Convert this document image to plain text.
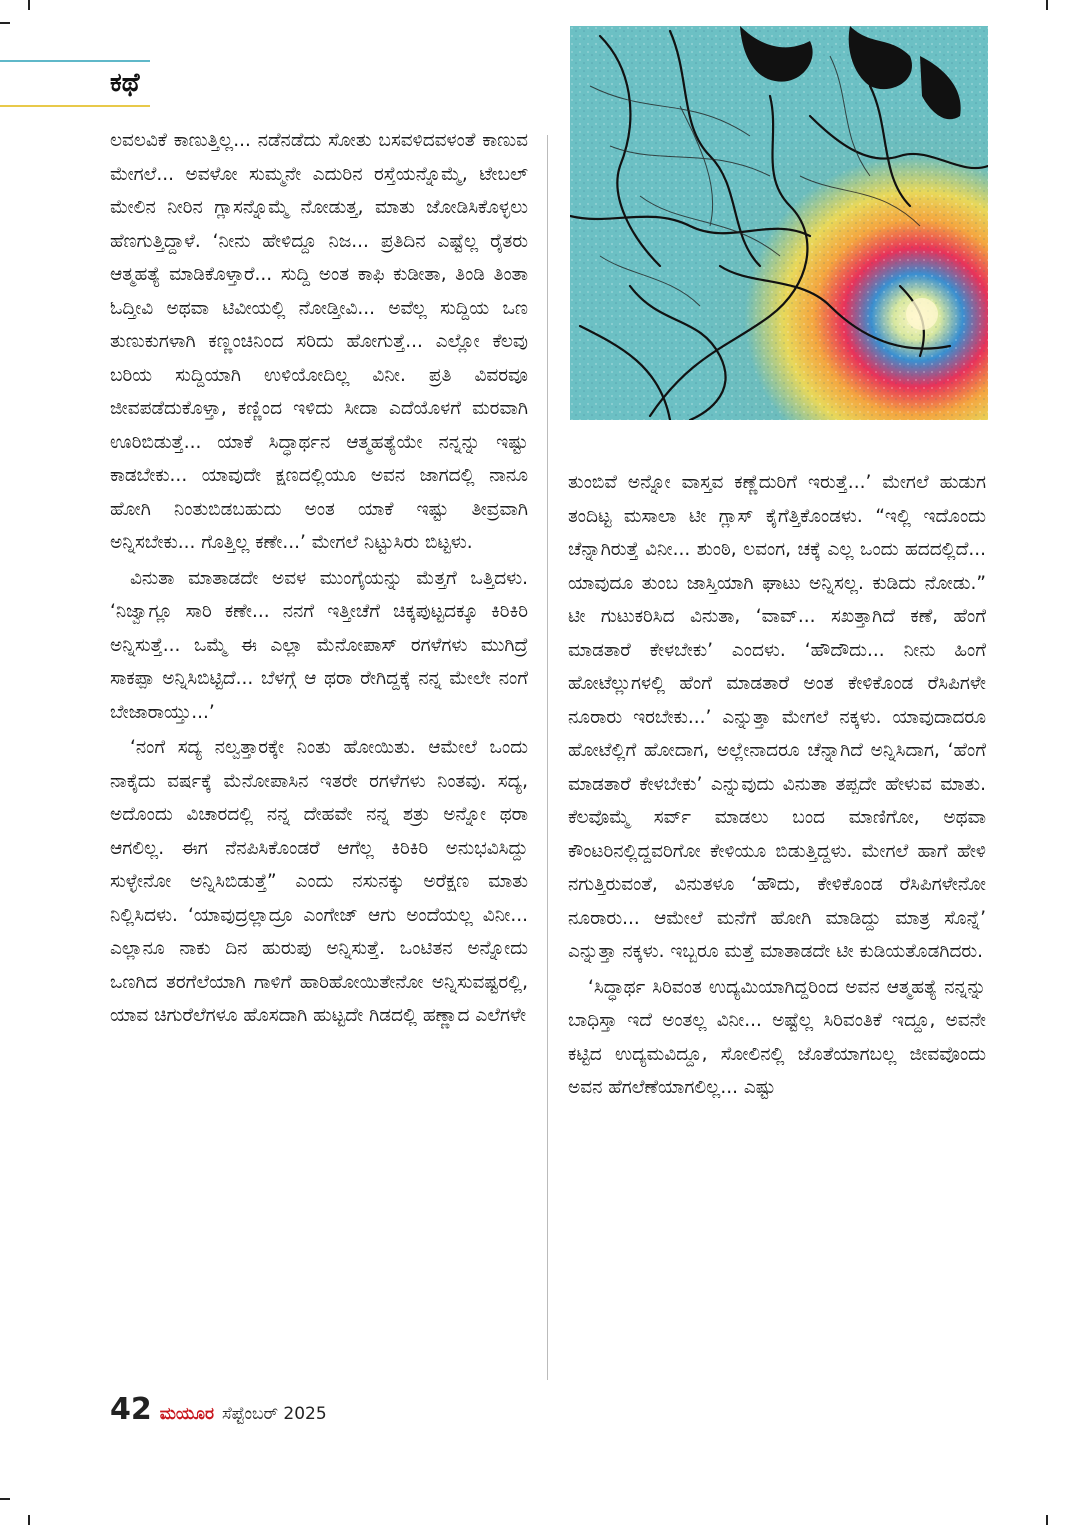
ಕಥೆ

ಲವಲವಿಕೆ ಕಾಣುತ್ತಿಲ್ಲ... ನಡೆನಡೆದು ಸೋತು ಬಸವಳಿದವಳಂತೆ ಕಾಣುವ ಮೇಗಲೆ... ಅವಳೋ ಸುಮ್ಮನೇ ಎದುರಿನ ರಸ್ತೆಯನ್ನೊಮ್ಮೆ, ಟೇಬಲ್ ಮೇಲಿನ ನೀರಿನ ಗ್ಲಾಸನ್ನೊಮ್ಮೆ ನೋಡುತ್ತ, ಮಾತು ಜೋಡಿಸಿಕೊಳ್ಳಲು ಹೆಣಗುತ್ತಿದ್ದಾಳೆ. ‘ನೀನು ಹೇಳಿದ್ದೂ ನಿಜ... ಪ್ರತಿದಿನ ಎಷ್ಟೆಲ್ಲ ರೈತರು ಆತ್ಮಹತ್ಯೆ ಮಾಡಿಕೊಳ್ತಾರೆ... ಸುದ್ದಿ ಅಂತ ಕಾಫಿ ಕುಡೀತಾ, ತಿಂಡಿ ತಿಂತಾ ಓದ್ತೀವಿ ಅಥವಾ ಟಿವೀಯಲ್ಲಿ ನೋಡ್ತೀವಿ... ಅವೆಲ್ಲ ಸುದ್ದಿಯ ಒಣ ತುಣುಕುಗಳಾಗಿ ಕಣ್ಣಂಚಿನಿಂದ ಸರಿದು ಹೋಗುತ್ತೆ... ಎಲ್ಲೋ ಕೆಲವು ಬರಿಯ ಸುದ್ದಿಯಾಗಿ ಉಳಿಯೋದಿಲ್ಲ ವಿನೀ. ಪ್ರತಿ ವಿವರವೂ ಜೀವಪಡೆದುಕೊಳ್ತಾ, ಕಣ್ಣಿಂದ ಇಳಿದು ಸೀದಾ ಎದೆಯೊಳಗೆ ಮರವಾಗಿ ಊರಿಬಿಡುತ್ತೆ... ಯಾಕೆ ಸಿದ್ಧಾರ್ಥನ ಆತ್ಮಹತ್ಯೆಯೇ ನನ್ನನ್ನು ಇಷ್ಟು ಕಾಡಬೇಕು... ಯಾವುದೇ ಕ್ಷಣದಲ್ಲಿಯೂ ಅವನ ಜಾಗದಲ್ಲಿ ನಾನೂ ಹೋಗಿ ನಿಂತುಬಿಡಬಹುದು ಅಂತ ಯಾಕೆ ಇಷ್ಟು ತೀವ್ರವಾಗಿ ಅನ್ನಿಸಬೇಕು... ಗೊತ್ತಿಲ್ಲ ಕಣೇ...’ ಮೇಗಲೆ ನಿಟ್ಟುಸಿರು ಬಿಟ್ಟಳು.

ವಿನುತಾ ಮಾತಾಡದೇ ಅವಳ ಮುಂಗೈಯನ್ನು ಮೆತ್ತಗೆ ಒತ್ತಿದಳು. ‘ನಿಜ್ವಾಗ್ಲೂ ಸಾರಿ ಕಣೇ... ನನಗೆ ಇತ್ತೀಚೆಗೆ ಚಿಕ್ಕಪುಟ್ಟದಕ್ಕೂ ಕಿರಿಕಿರಿ ಅನ್ನಿಸುತ್ತೆ... ಒಮ್ಮೆ ಈ ಎಲ್ಲಾ ಮೆನೋಪಾಸ್ ರಗಳೆಗಳು ಮುಗಿದ್ರೆ ಸಾಕಪ್ಪಾ ಅನ್ನಿಸಿಬಿಟ್ಟಿದೆ... ಬೆಳಗ್ಗೆ ಆ ಥರಾ ರೇಗಿದ್ದಕ್ಕೆ ನನ್ನ ಮೇಲೇ ನಂಗೆ ಬೇಜಾರಾಯ್ತು...’

‘ನಂಗೆ ಸದ್ಯ ನಲ್ವತ್ತಾರಕ್ಕೇ ನಿಂತು ಹೋಯಿತು. ಆಮೇಲೆ ಒಂದು ನಾಕೈದು ವರ್ಷಕ್ಕೆ ಮೆನೋಪಾಸಿನ ಇತರೇ ರಗಳೆಗಳು ನಿಂತವು. ಸದ್ಯ, ಅದೊಂದು ವಿಚಾರದಲ್ಲಿ ನನ್ನ ದೇಹವೇ ನನ್ನ ಶತ್ರು ಅನ್ನೋ ಥರಾ ಆಗಲಿಲ್ಲ. ಈಗ ನೆನಪಿಸಿಕೊಂಡರೆ ಆಗೆಲ್ಲ ಕಿರಿಕಿರಿ ಅನುಭವಿಸಿದ್ದು ಸುಳ್ಳೇನೋ ಅನ್ನಿಸಿಬಿಡುತ್ತೆ” ಎಂದು ನಸುನಕ್ಕು ಅರೆಕ್ಷಣ ಮಾತು ನಿಲ್ಲಿಸಿದಳು. ‘ಯಾವುದ್ರಲ್ಲಾದ್ರೂ ಎಂಗೇಜ್ ಆಗು ಅಂದೆಯಲ್ಲ ವಿನೀ... ಎಲ್ಲಾನೂ ನಾಕು ದಿನ ಹುರುಪು ಅನ್ನಿಸುತ್ತೆ. ಒಂಟಿತನ ಅನ್ನೋದು ಒಣಗಿದ ತರಗೆಲೆಯಾಗಿ ಗಾಳಿಗೆ ಹಾರಿಹೋಯಿತೇನೋ ಅನ್ನಿಸುವಷ್ಟರಲ್ಲಿ, ಯಾವ ಚಿಗುರೆಲೆಗಳೂ ಹೊಸದಾಗಿ ಹುಟ್ಟದೇ ಗಿಡದಲ್ಲಿ ಹಣ್ಣಾದ ಎಲೆಗಳೇ

ತುಂಬಿವೆ ಅನ್ನೋ ವಾಸ್ತವ ಕಣ್ಣೆದುರಿಗೆ ಇರುತ್ತೆ...’ ಮೇಗಲೆ ಹುಡುಗ ತಂದಿಟ್ಟ ಮಸಾಲಾ ಟೀ ಗ್ಲಾಸ್ ಕೈಗೆತ್ತಿಕೊಂಡಳು. “ಇಲ್ಲಿ ಇದೊಂದು ಚೆನ್ನಾಗಿರುತ್ತೆ ವಿನೀ... ಶುಂಠಿ, ಲವಂಗ, ಚಕ್ಕೆ ಎಲ್ಲ ಒಂದು ಹದದಲ್ಲಿದೆ... ಯಾವುದೂ ತುಂಬ ಜಾಸ್ತಿಯಾಗಿ ಘಾಟು ಅನ್ನಿಸಲ್ಲ. ಕುಡಿದು ನೋಡು.” ಟೀ ಗುಟುಕರಿಸಿದ ವಿನುತಾ, ‘ವಾವ್... ಸಖತ್ತಾಗಿದೆ ಕಣೆ, ಹೆಂಗೆ ಮಾಡತಾರೆ ಕೇಳಬೇಕು’ ಎಂದಳು. ‘ಹೌದೌದು... ನೀನು ಹಿಂಗೆ ಹೋಟೆಲ್ಲುಗಳಲ್ಲಿ ಹೆಂಗೆ ಮಾಡತಾರೆ ಅಂತ ಕೇಳಿಕೊಂಡ ರೆಸಿಪಿಗಳೇ ನೂರಾರು ಇರಬೇಕು...’ ಎನ್ನುತ್ತಾ ಮೇಗಲೆ ನಕ್ಕಳು. ಯಾವುದಾದರೂ ಹೋಟೆಲ್ಲಿಗೆ ಹೋದಾಗ, ಅಲ್ಲೇನಾದರೂ ಚೆನ್ನಾಗಿದೆ ಅನ್ನಿಸಿದಾಗ, ‘ಹೆಂಗೆ ಮಾಡತಾರೆ ಕೇಳಬೇಕು’ ಎನ್ನುವುದು ವಿನುತಾ ತಪ್ಪದೇ ಹೇಳುವ ಮಾತು. ಕೆಲವೊಮ್ಮೆ ಸರ್ವ್ ಮಾಡಲು ಬಂದ ಮಾಣಿಗೋ, ಅಥವಾ ಕೌಂಟರಿನಲ್ಲಿದ್ದವರಿಗೋ ಕೇಳಿಯೂ ಬಿಡುತ್ತಿದ್ದಳು. ಮೇಗಲೆ ಹಾಗೆ ಹೇಳಿ ನಗುತ್ತಿರುವಂತೆ, ವಿನುತಳೂ ‘ಹೌದು, ಕೇಳಿಕೊಂಡ ರೆಸಿಪಿಗಳೇನೋ ನೂರಾರು... ಆಮೇಲೆ ಮನೆಗೆ ಹೋಗಿ ಮಾಡಿದ್ದು ಮಾತ್ರ ಸೊನ್ನೆ’ ಎನ್ನುತ್ತಾ ನಕ್ಕಳು. ಇಬ್ಬರೂ ಮತ್ತೆ ಮಾತಾಡದೇ ಟೀ ಕುಡಿಯತೊಡಗಿದರು.

‘ಸಿದ್ಧಾರ್ಥ ಸಿರಿವಂತ ಉದ್ಯಮಿಯಾಗಿದ್ದರಿಂದ ಅವನ ಆತ್ಮಹತ್ಯೆ ನನ್ನನ್ನು ಬಾಧಿಸ್ತಾ ಇದೆ ಅಂತಲ್ಲ ವಿನೀ... ಅಷ್ಟೆಲ್ಲ ಸಿರಿವಂತಿಕೆ ಇದ್ದೂ, ಅವನೇ ಕಟ್ಟಿದ ಉದ್ಯಮವಿದ್ದೂ, ಸೋಲಿನಲ್ಲಿ ಜೊತೆಯಾಗಬಲ್ಲ ಜೀವವೊಂದು ಅವನ ಹೆಗಲೆಣೆಯಾಗಲಿಲ್ಲ... ಎಷ್ಟು

42 ಮಯೂರ ಸೆಪ್ಟೆಂಬರ್ 2025
